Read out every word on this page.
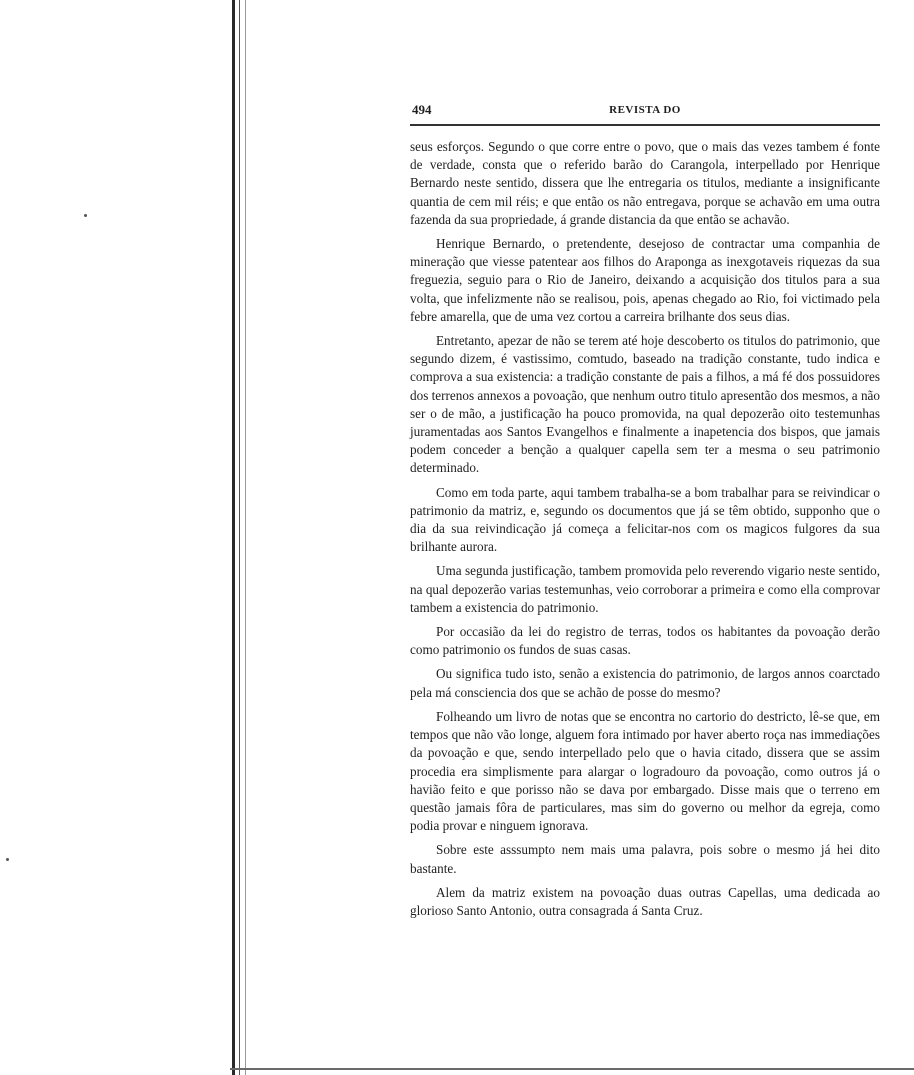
494	REVISTA DO

seus esforços. Segundo o que corre entre o povo, que o mais das vezes tambem é fonte de verdade, consta que o referido barão do Carangola, interpellado por Henrique Bernardo neste sentido, dissera que lhe entregaria os titulos, mediante a insignificante quantia de cem mil réis; e que então os não entregava, porque se achavão em uma outra fazenda da sua propriedade, á grande distancia da que então se achavão.

Henrique Bernardo, o pretendente, desejoso de contractar uma companhia de mineração que viesse patentear aos filhos do Araponga as inexgotaveis riquezas da sua freguezia, seguio para o Rio de Janeiro, deixando a acquisição dos titulos para a sua volta, que infelizmente não se realisou, pois, apenas chegado ao Rio, foi victimado pela febre amarella, que de uma vez cortou a carreira brilhante dos seus dias.

Entretanto, apezar de não se terem até hoje descoberto os titulos do patrimonio, que segundo dizem, é vastissimo, comtudo, baseado na tradição constante, tudo indica e comprova a sua existencia: a tradição constante de pais a filhos, a má fé dos possuidores dos terrenos annexos a povoação, que nenhum outro titulo apresentão dos mesmos, a não ser o de mão, a justificação ha pouco promovida, na qual depozerão oito testemunhas juramentadas aos Santos Evangelhos e finalmente a inapetencia dos bispos, que jamais podem conceder a benção a qualquer capella sem ter a mesma o seu patrimonio determinado.

Como em toda parte, aqui tambem trabalha-se a bom trabalhar para se reivindicar o patrimonio da matriz, e, segundo os documentos que já se têm obtido, supponho que o dia da sua reivindicação já começa a felicitar-nos com os magicos fulgores da sua brilhante aurora.

Uma segunda justificação, tambem promovida pelo reverendo vigario neste sentido, na qual depozerão varias testemunhas, veio corroborar a primeira e como ella comprovar tambem a existencia do patrimonio.

Por occasião da lei do registro de terras, todos os habitantes da povoação derão como patrimonio os fundos de suas casas.

Ou significa tudo isto, senão a existencia do patrimonio, de largos annos coarctado pela má consciencia dos que se achão de posse do mesmo?

Folheando um livro de notas que se encontra no cartorio do destricto, lê-se que, em tempos que não vão longe, alguem fora intimado por haver aberto roça nas immediações da povoação e que, sendo interpellado pelo que o havia citado, dissera que se assim procedia era simplismente para alargar o logradouro da povoação, como outros já o havião feito e que porisso não se dava por embargado. Disse mais que o terreno em questão jamais fôra de particulares, mas sim do governo ou melhor da egreja, como podia provar e ninguem ignorava.

Sobre este asssumpto nem mais uma palavra, pois sobre o mesmo já hei dito bastante.

Alem da matriz existem na povoação duas outras Capellas, uma dedicada ao glorioso Santo Antonio, outra consagrada á Santa Cruz.
